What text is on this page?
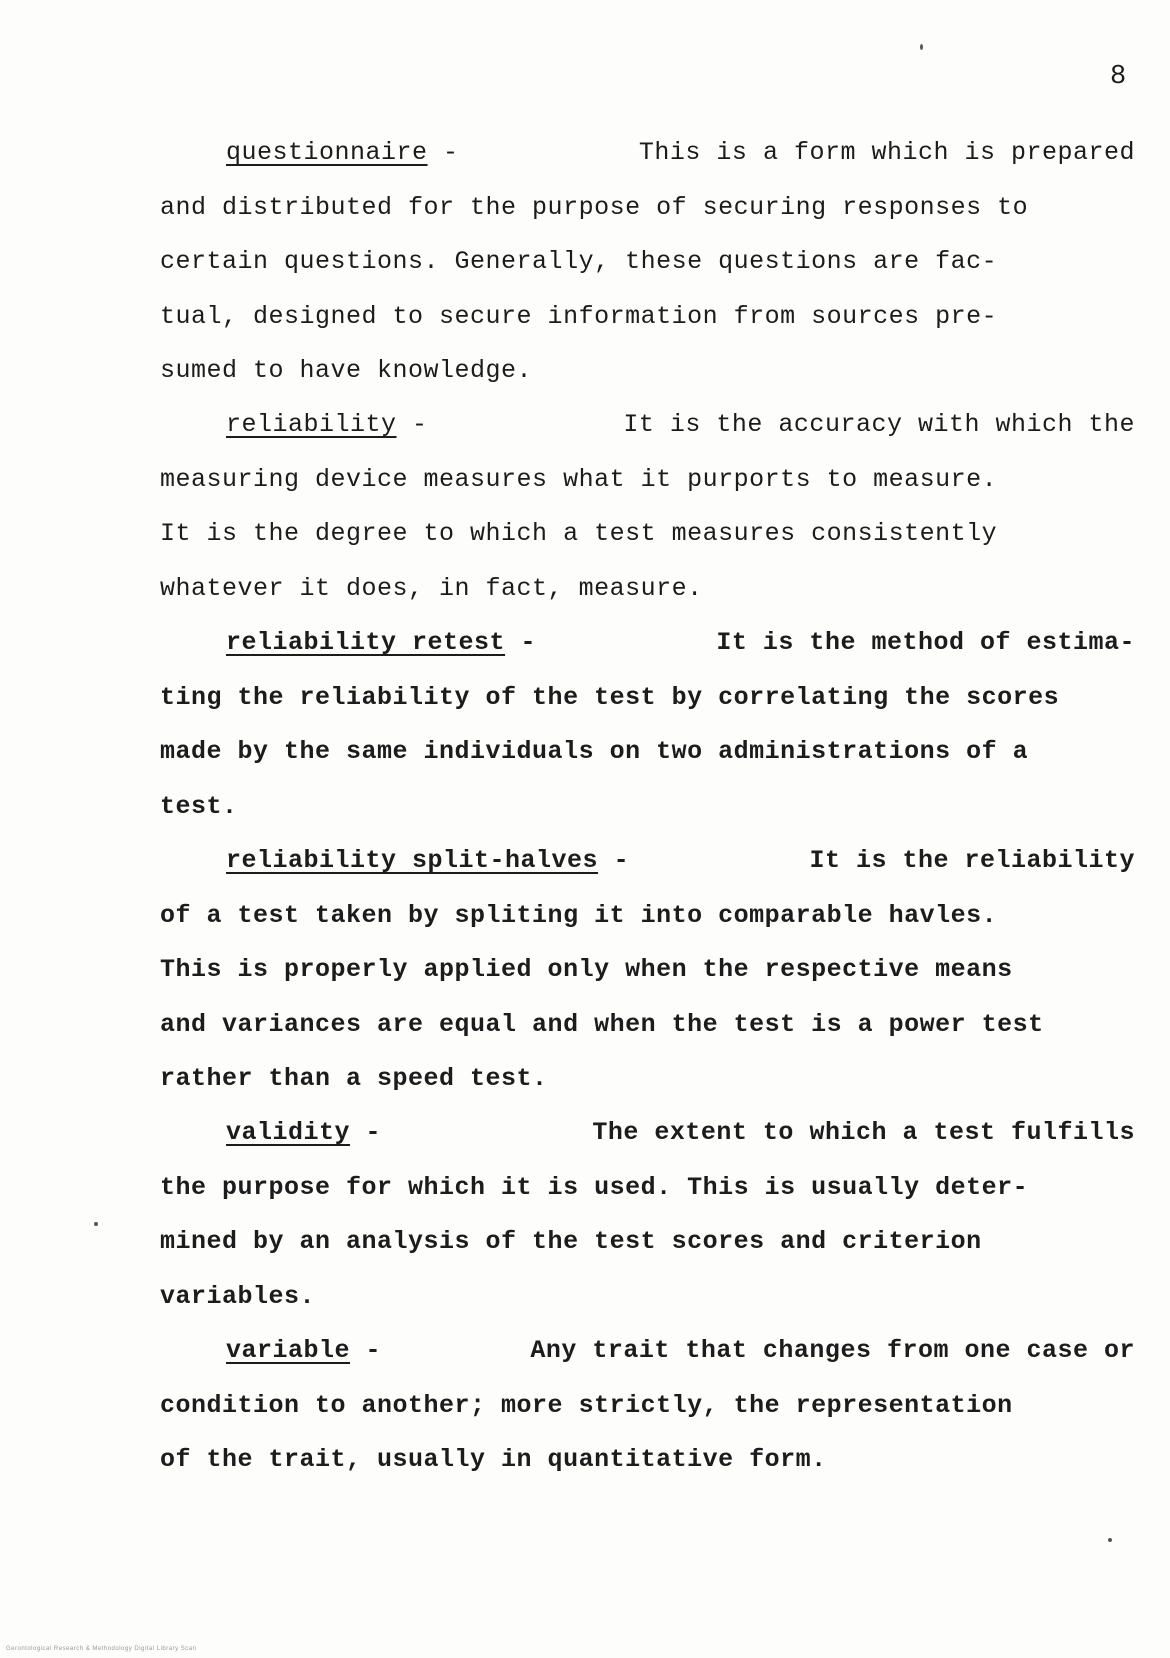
8
questionnaire -	This is a form which is prepared
and distributed for the purpose of securing responses to
certain questions. Generally, these questions are fac-
tual, designed to secure information from sources pre-
sumed to have knowledge.
reliability -	It is the accuracy with which the
measuring device measures what it purports to measure.
It is the degree to which a test measures consistently
whatever it does, in fact, measure.
reliability retest -	It is the method of estima-
ting the reliability of the test by correlating the scores
made by the same individuals on two administrations of a
test.
reliability split-halves -	It is the reliability
of a test taken by spliting it into comparable havles.
This is properly applied only when the respective means
and variances are equal and when the test is a power test
rather than a speed test.
validity -	The extent to which a test fulfills
the purpose for which it is used. This is usually deter-
mined by an analysis of the test scores and criterion
variables.
variable -	Any trait that changes from one case or
condition to another; more strictly, the representation
of the trait, usually in quantitative form.
Gerontological Research & Methodology Digital Library Scan
